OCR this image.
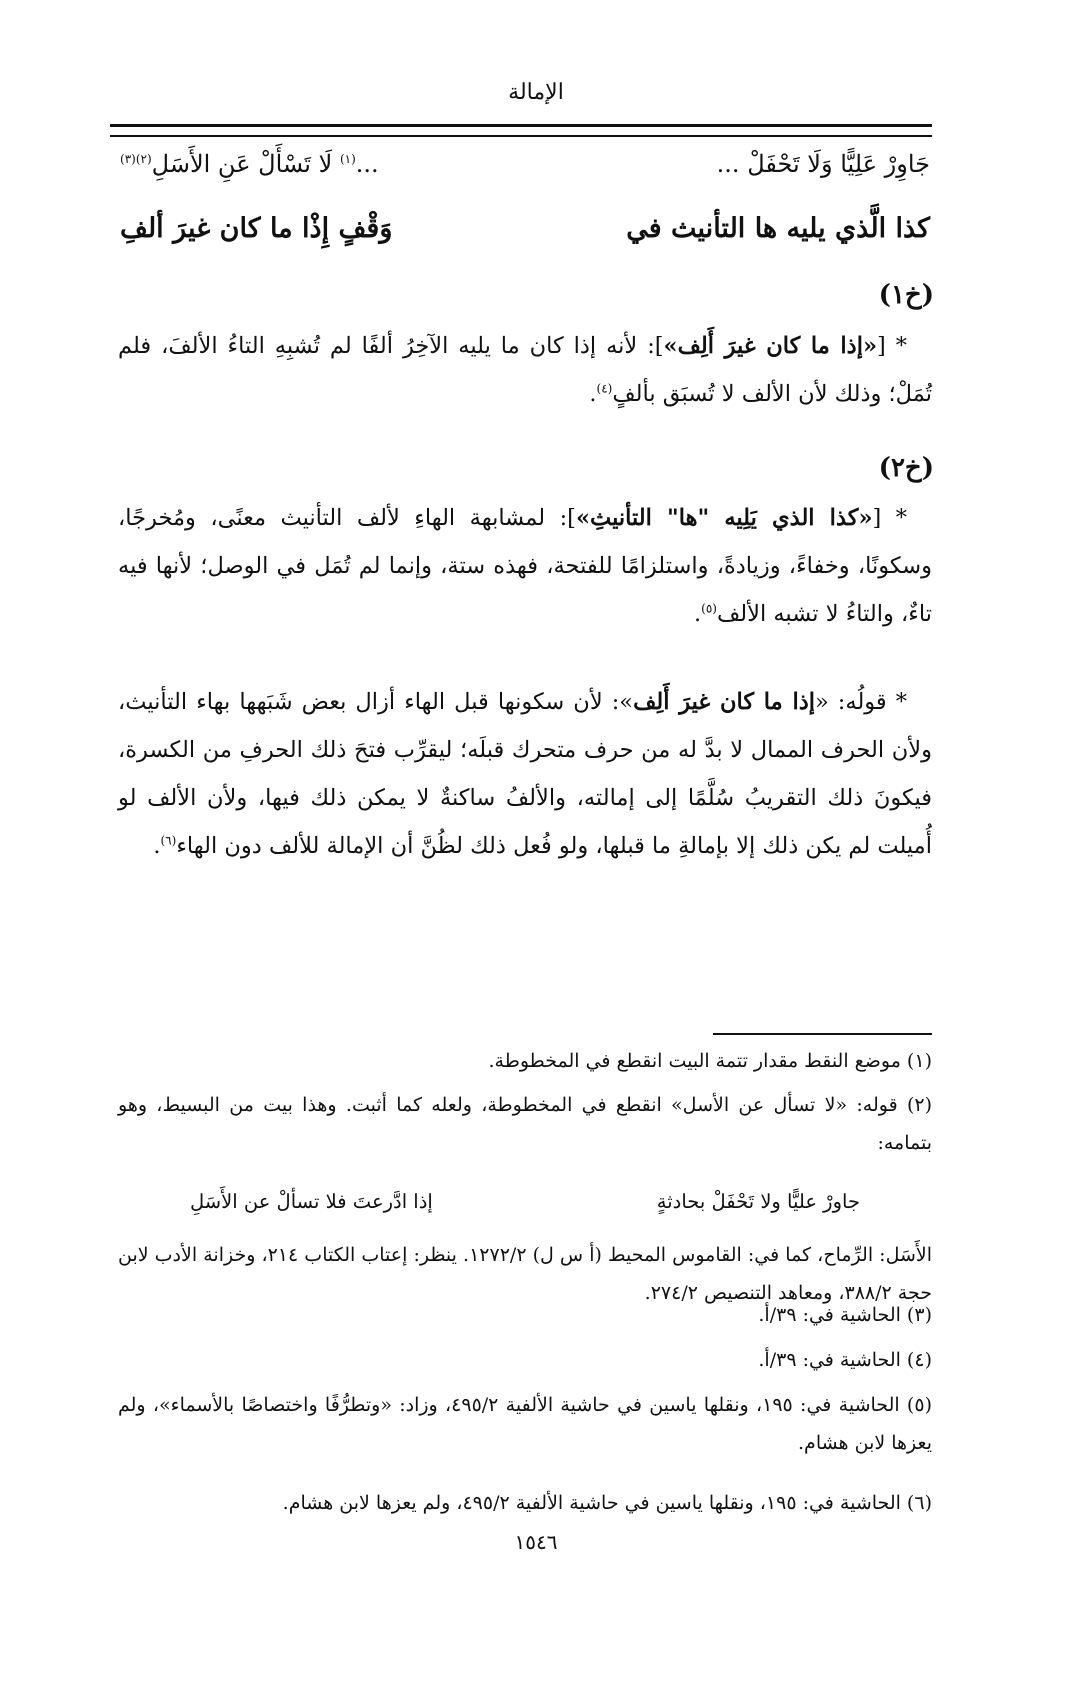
الإمالة
جَاوِرْ عَلِيًّا وَلَا تَحْفَلْ ...
...$^{(١)}$ لَا تَسْأَلْ عَنِ الأَسَلِ$^{(٢)(٣)}$
كذا الَّذي يليه ها التأنيث في
وَقْفٍ إِذْا ما كان غيرَ ألفِ
(خ١)
* [«إذا ما كان غيرَ أَلِف»]: لأنه إذا كان ما يليه الآخِرُ ألفًا لم تُشبِهِ التاءُ الألفَ، فلم تُمَلْ؛ وذلك لأن الألف لا تُسبَق بألفٍ$^{(٤)}$.
(خ٢)
* [«كذا الذي يَلِيه "ها" التأنيثِ»]: لمشابهة الهاءِ لألف التأنيث معنًى، ومُخرجًا، وسكونًا، وخفاءً، وزيادةً، واستلزامًا للفتحة، فهذه ستة، وإنما لم تُمَل في الوصل؛ لأنها فيه تاءٌ، والتاءُ لا تشبه الألف$^{(٥)}$.
* قولُه: «إذا ما كان غيرَ أَلِف»: لأن سكونها قبل الهاء أزال بعض شَبَهها بهاء التأنيث، ولأن الحرف الممال لا بدَّ له من حرف متحرك قبلَه؛ ليقرِّب فتحَ ذلك الحرفِ من الكسرة، فيكونَ ذلك التقريبُ سُلَّمًا إلى إمالته، والألفُ ساكنةٌ لا يمكن ذلك فيها، ولأن الألف لو أُميلت لم يكن ذلك إلا بإمالةِ ما قبلها، ولو فُعل ذلك لظُنَّ أن الإمالة للألف دون الهاء$^{(٦)}$.
(١) موضع النقط مقدار تتمة البيت انقطع في المخطوطة.
(٢) قوله: «لا تسأل عن الأسل» انقطع في المخطوطة، ولعله كما أثبت. وهذا بيت من البسيط، وهو بتمامه:
جاورْ عليًّا ولا تَحْفَلْ بحادثةٍ
إذا ادَّرعتَ فلا تسألْ عن الأَسَلِ
الأَسَل: الرِّماح، كما في: القاموس المحيط (أ س ل) ١٢٧٢/٢. ينظر: إعتاب الكتاب ٢١٤، وخزانة الأدب لابن حجة ٣٨٨/٢، ومعاهد التنصيص ٢٧٤/٢.
(٣) الحاشية في: ٣٩/أ.
(٤) الحاشية في: ٣٩/أ.
(٥) الحاشية في: ١٩٥، ونقلها ياسين في حاشية الألفية ٤٩٥/٢، وزاد: «وتطرُّفًا واختصاصًا بالأسماء»، ولم يعزها لابن هشام.
(٦) الحاشية في: ١٩٥، ونقلها ياسين في حاشية الألفية ٤٩٥/٢، ولم يعزها لابن هشام.
١٥٤٦
